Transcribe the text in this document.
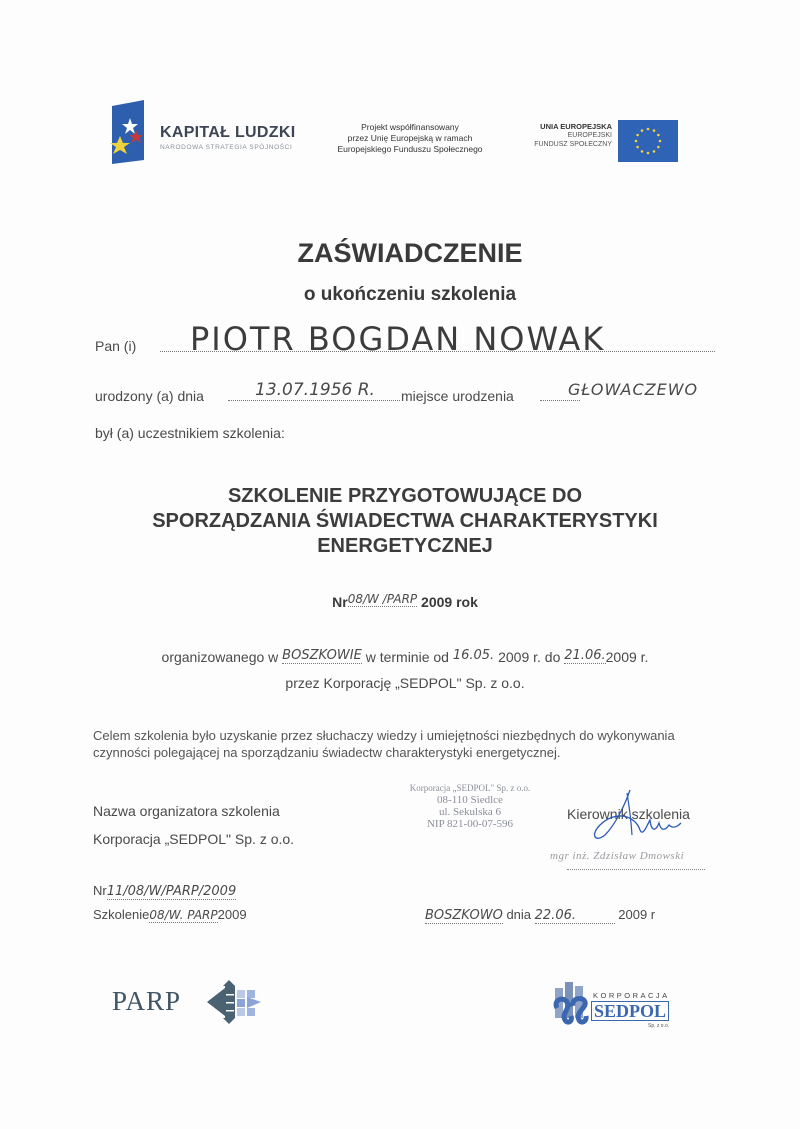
KAPITAŁ LUDZKI
NARODOWA STRATEGIA SPÓJNOŚCI
Projekt współfinansowany
przez Unię Europejską w ramach
Europejskiego Funduszu Społecznego
UNIA EUROPEJSKA
EUROPEJSKI
FUNDUSZ SPOŁECZNY
ZAŚWIADCZENIE
o ukończeniu szkolenia
Pan (i) PIOTR BOGDAN NOWAK
urodzony (a) dnia	13.07.1956 R. miejsce urodzenia	GŁOWACZEWO
był (a) uczestnikiem szkolenia:
SZKOLENIE PRZYGOTOWUJĄCE DO
SPORZĄDZANIA ŚWIADECTWA CHARAKTERYSTYKI
ENERGETYCZNEJ
Nr08/W /PARP 2009 rok
organizowanego w BOSZKOWIE w terminie od 16.05. 2009 r. do 21.06.2009 r.
przez Korporację „SEDPOL" Sp. z o.o.
Celem szkolenia było uzyskanie przez słuchaczy wiedzy i umiejętności niezbędnych do wykonywania czynności polegającej na sporządzaniu świadectw charakterystyki energetycznej.
Nazwa organizatora szkolenia
Korporacja „SEDPOL" Sp. z o.o.
Korporacja „SEDPOL" Sp. z o.o.
08-110 Siedlce
ul. Sekulska 6
NIP 821-00-07-596
Kierownik szkolenia
mgr inż. Zdzisław Dmowski
Nr11/08/W/PARP/2009
Szkolenie08/W. PARP2009	BOSZKOWO dnia 22.06.	2009 r
PARP	KORPORACJA
SEDPOL
Sp. z o.o.
